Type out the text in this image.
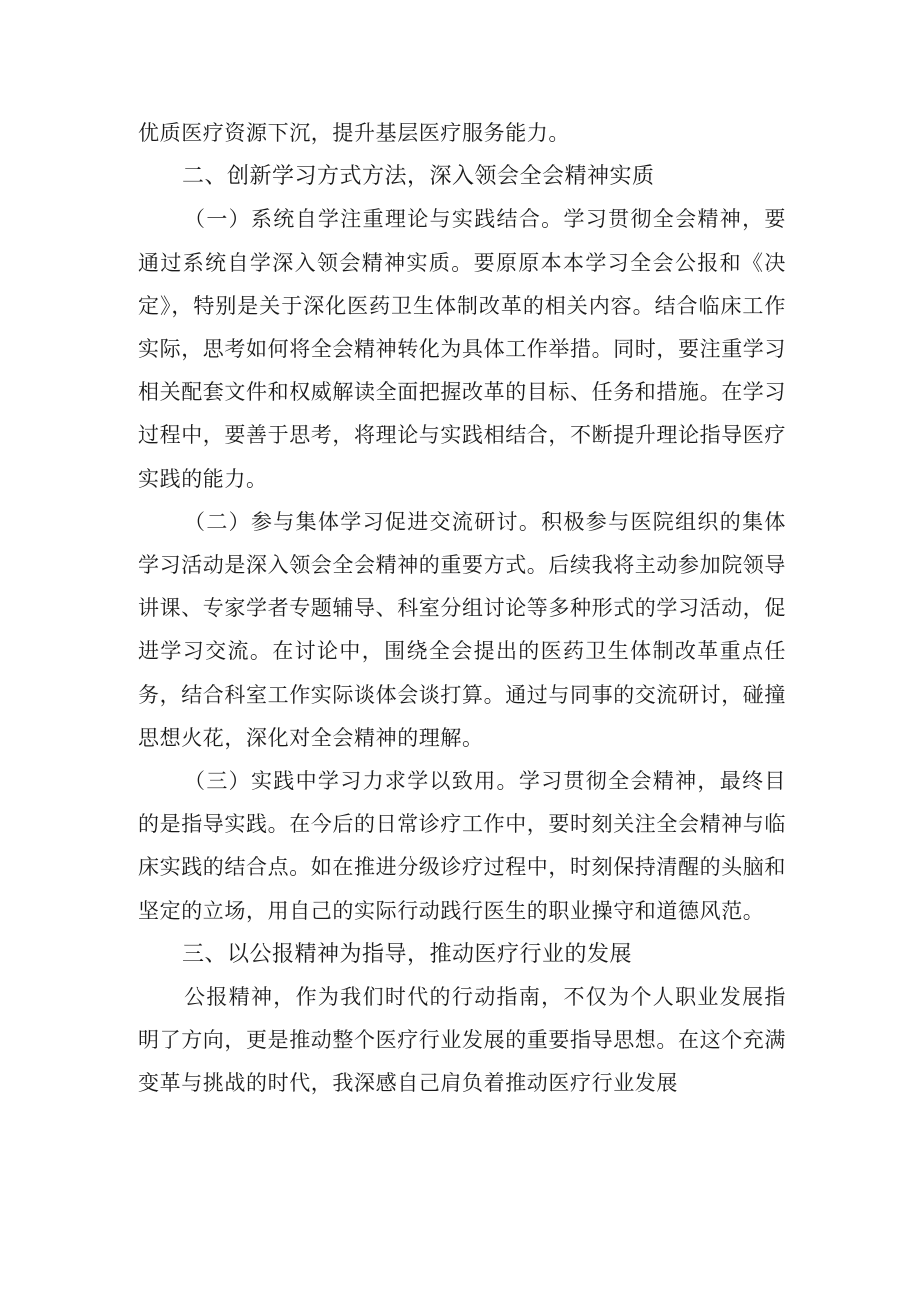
优质医疗资源下沉，提升基层医疗服务能力。

二、创新学习方式方法，深入领会全会精神实质

（一）系统自学注重理论与实践结合。学习贯彻全会精神，要通过系统自学深入领会精神实质。要原原本本学习全会公报和《决定》，特别是关于深化医药卫生体制改革的相关内容。结合临床工作实际，思考如何将全会精神转化为具体工作举措。同时，要注重学习相关配套文件和权威解读全面把握改革的目标、任务和措施。在学习过程中，要善于思考，将理论与实践相结合，不断提升理论指导医疗实践的能力。

（二）参与集体学习促进交流研讨。积极参与医院组织的集体学习活动是深入领会全会精神的重要方式。后续我将主动参加院领导讲课、专家学者专题辅导、科室分组讨论等多种形式的学习活动，促进学习交流。在讨论中，围绕全会提出的医药卫生体制改革重点任务，结合科室工作实际谈体会谈打算。通过与同事的交流研讨，碰撞思想火花，深化对全会精神的理解。

（三）实践中学习力求学以致用。学习贯彻全会精神，最终目的是指导实践。在今后的日常诊疗工作中，要时刻关注全会精神与临床实践的结合点。如在推进分级诊疗过程中，时刻保持清醒的头脑和坚定的立场，用自己的实际行动践行医生的职业操守和道德风范。

三、以公报精神为指导，推动医疗行业的发展

公报精神，作为我们时代的行动指南，不仅为个人职业发展指明了方向，更是推动整个医疗行业发展的重要指导思想。在这个充满变革与挑战的时代，我深感自己肩负着推动医疗行业发展
